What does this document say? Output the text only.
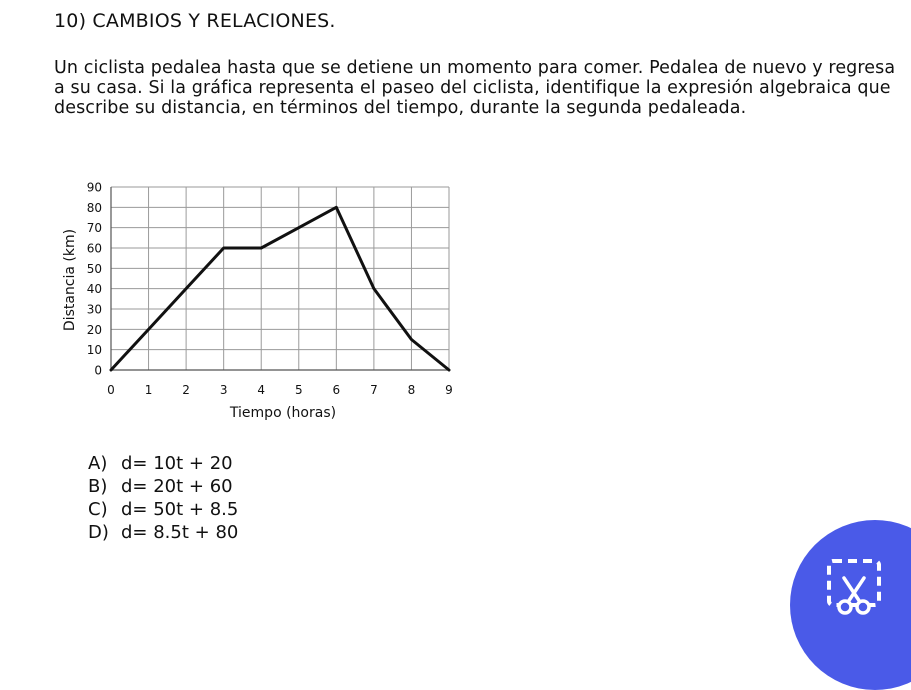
10) CAMBIOS Y RELACIONES.

Un ciclista pedalea hasta que se detiene un momento para comer. Pedalea de nuevo y regresa a su casa. Si la gráfica representa el paseo del ciclista, identifique la expresión algebraica que describe su distancia, en términos del tiempo, durante la segunda pedaleada.

0
10
20
30
40
50
60
70
80
90
0 1 2 3 4 5 6 7 8 9
Tiempo (horas)
Distancia (km)
A) d= 10t + 20
B) d= 20t + 60
C) d= 50t + 8.5
D) d= 8.5t + 80
